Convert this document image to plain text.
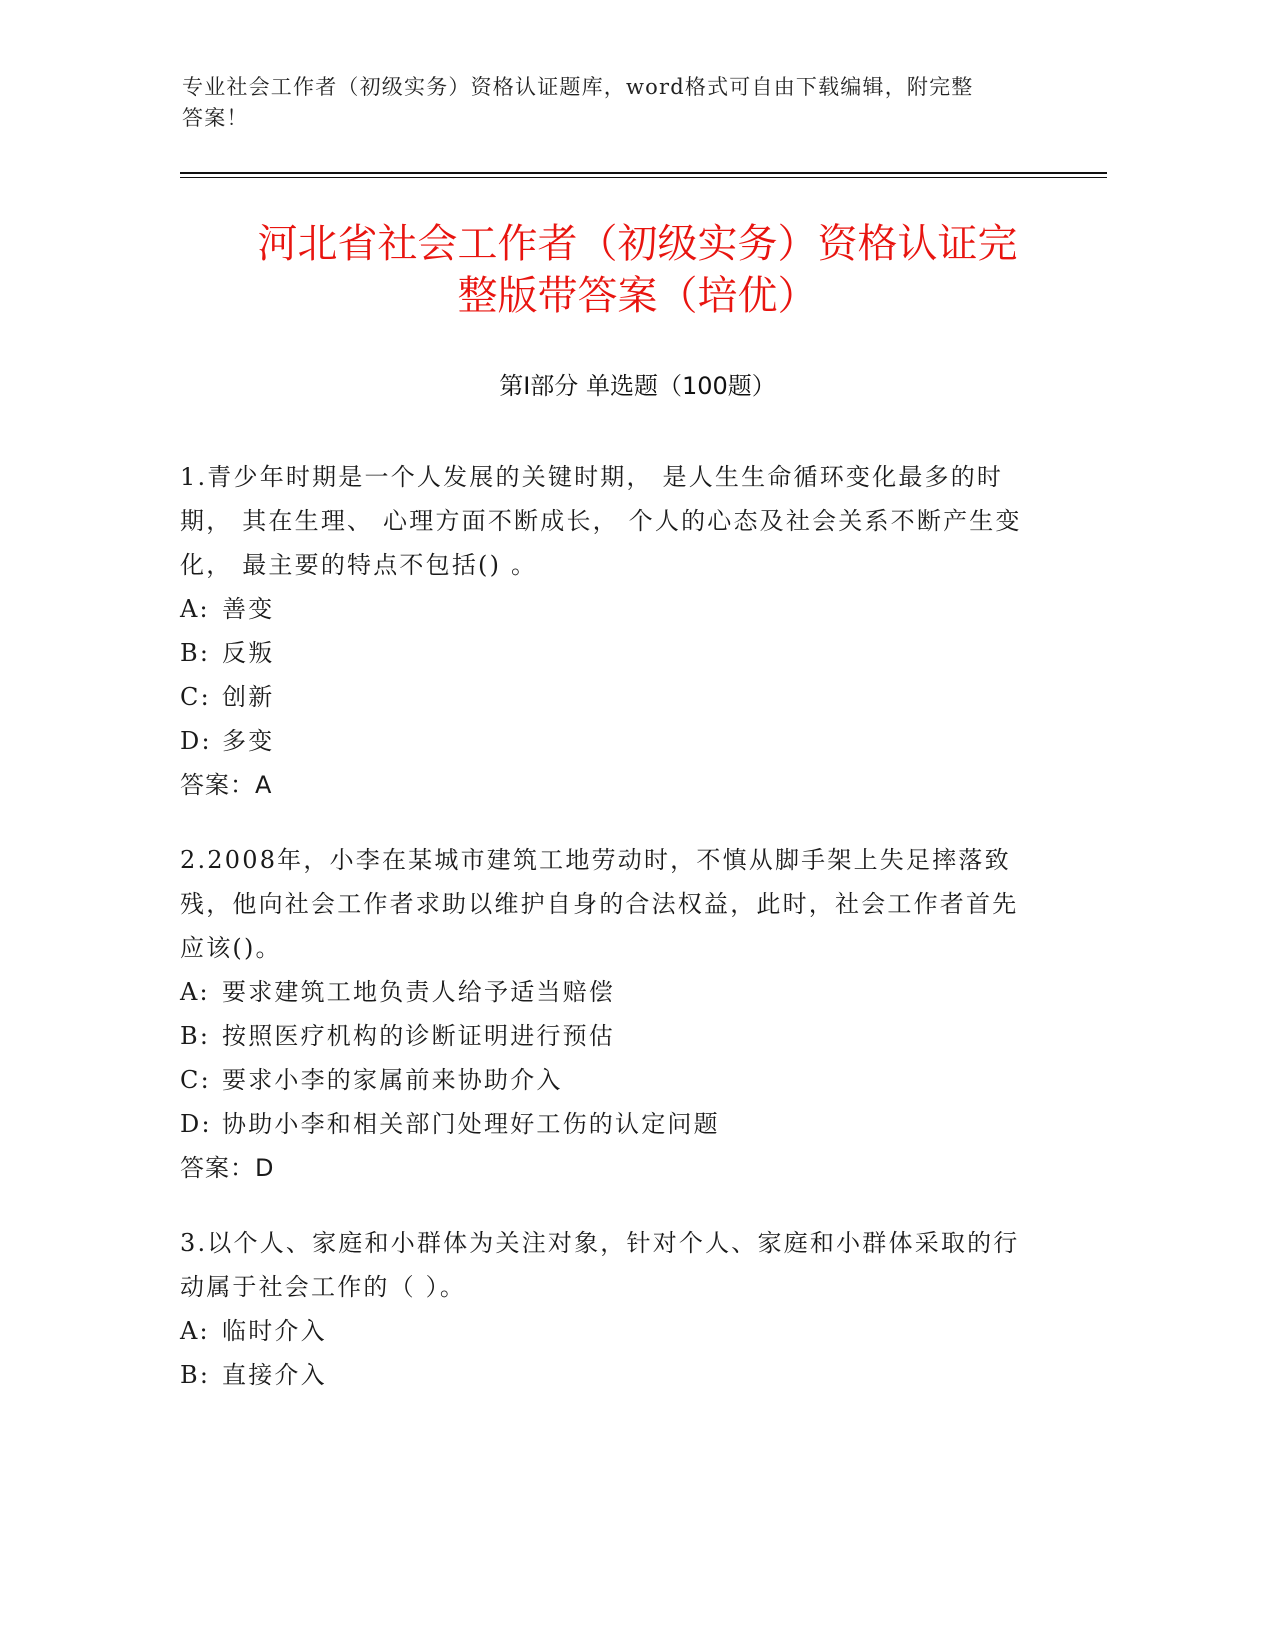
专业社会工作者（初级实务）资格认证题库，word格式可自由下载编辑，附完整
答案！
河北省社会工作者（初级实务）资格认证完
整版带答案（培优）
第Ⅰ部分 单选题（100题）

1.青少年时期是一个人发展的关键时期， 是人生生命循环变化最多的时期， 其在生理、 心理方面不断成长， 个人的心态及社会关系不断产生变化， 最主要的特点不包括() 。

A: 善变

B: 反叛

C: 创新

D: 多变

答案：A

2.2008年，小李在某城市建筑工地劳动时，不慎从脚手架上失足摔落致残，他向社会工作者求助以维护自身的合法权益，此时，社会工作者首先应该()。

A: 要求建筑工地负责人给予适当赔偿

B: 按照医疗机构的诊断证明进行预估

C: 要求小李的家属前来协助介入

D: 协助小李和相关部门处理好工伤的认定问题

答案：D

3.以个人、家庭和小群体为关注对象，针对个人、家庭和小群体采取的行动属于社会工作的（ ）。

A: 临时介入

B: 直接介入
